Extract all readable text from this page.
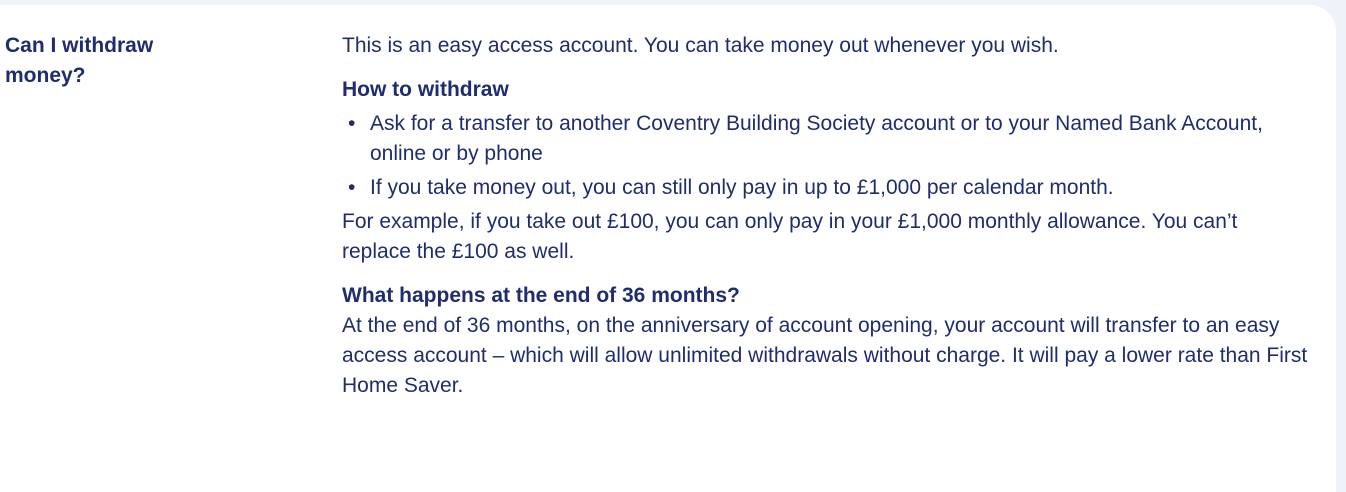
Can I withdraw money?

This is an easy access account. You can take money out whenever you wish.

How to withdraw
• Ask for a transfer to another Coventry Building Society account or to your Named Bank Account, online or by phone
• If you take money out, you can still only pay in up to £1,000 per calendar month.

For example, if you take out £100, you can only pay in your £1,000 monthly allowance. You can’t replace the £100 as well.

What happens at the end of 36 months?

At the end of 36 months, on the anniversary of account opening, your account will transfer to an easy access account – which will allow unlimited withdrawals without charge. It will pay a lower rate than First Home Saver.
